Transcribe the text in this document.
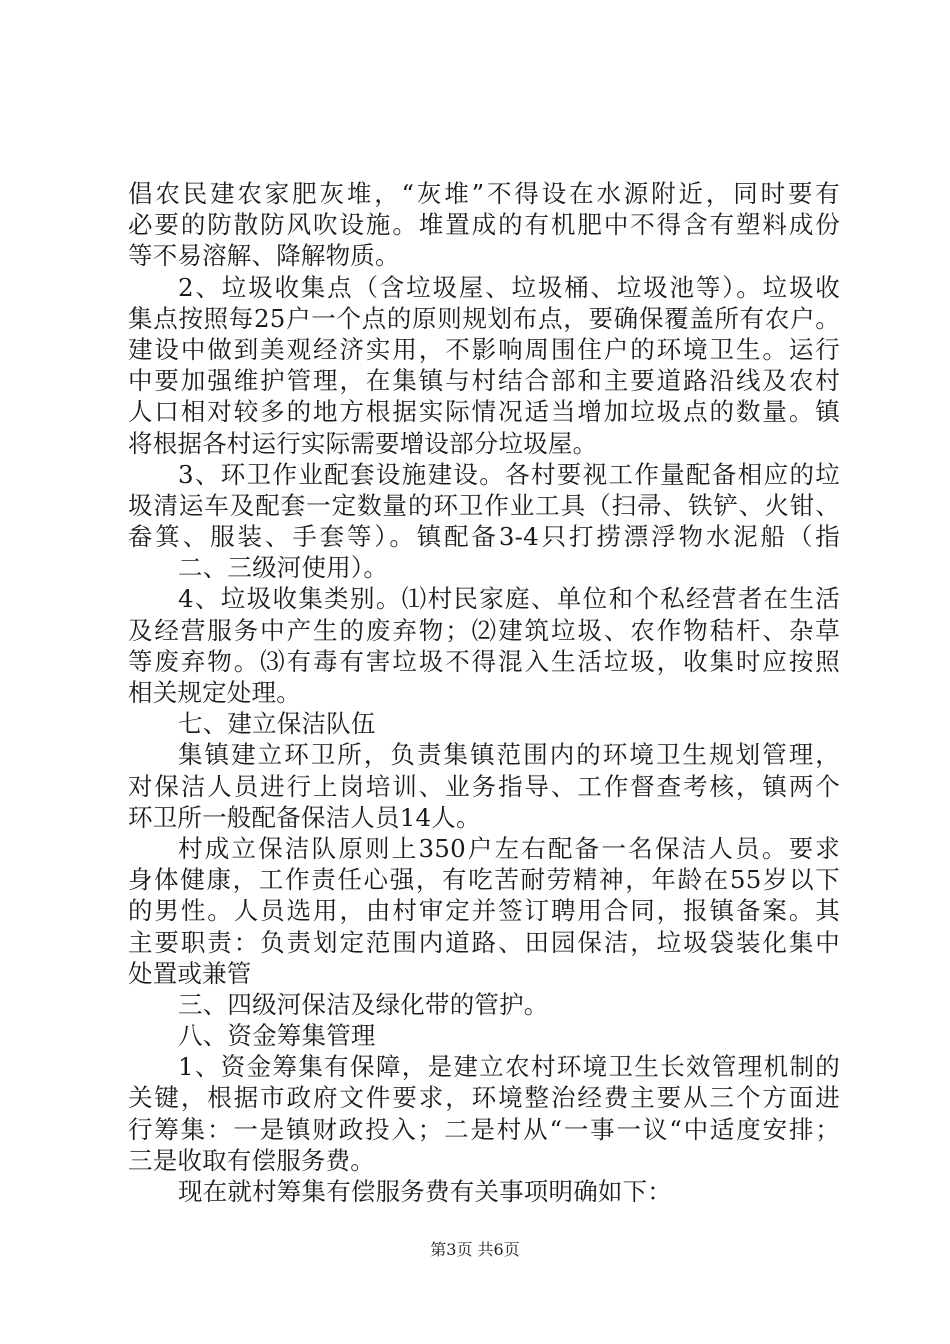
倡农民建农家肥灰堆，“灰堆”不得设在水源附近，同时要有
必要的防散防风吹设施。堆置成的有机肥中不得含有塑料成份
等不易溶解、降解物质。
2、垃圾收集点（含垃圾屋、垃圾桶、垃圾池等）。垃圾收
集点按照每25户一个点的原则规划布点，要确保覆盖所有农户。
建设中做到美观经济实用，不影响周围住户的环境卫生。运行
中要加强维护管理，在集镇与村结合部和主要道路沿线及农村
人口相对较多的地方根据实际情况适当增加垃圾点的数量。镇
将根据各村运行实际需要增设部分垃圾屋。
3、环卫作业配套设施建设。各村要视工作量配备相应的垃
圾清运车及配套一定数量的环卫作业工具（扫帚、铁铲、火钳、
畚箕、服装、手套等）。镇配备3-4只打捞漂浮物水泥船（指
二、三级河使用）。
4、垃圾收集类别。⑴村民家庭、单位和个私经营者在生活
及经营服务中产生的废弃物；⑵建筑垃圾、农作物秸杆、杂草
等废弃物。⑶有毒有害垃圾不得混入生活垃圾，收集时应按照
相关规定处理。
七、建立保洁队伍
集镇建立环卫所，负责集镇范围内的环境卫生规划管理，
对保洁人员进行上岗培训、业务指导、工作督查考核，镇两个
环卫所一般配备保洁人员14人。
村成立保洁队原则上350户左右配备一名保洁人员。要求
身体健康，工作责任心强，有吃苦耐劳精神，年龄在55岁以下
的男性。人员选用，由村审定并签订聘用合同，报镇备案。其
主要职责：负责划定范围内道路、田园保洁，垃圾袋装化集中
处置或兼管
三、四级河保洁及绿化带的管护。
八、资金筹集管理
1、资金筹集有保障，是建立农村环境卫生长效管理机制的
关键，根据市政府文件要求，环境整治经费主要从三个方面进
行筹集：一是镇财政投入；二是村从“一事一议“中适度安排；
三是收取有偿服务费。
现在就村筹集有偿服务费有关事项明确如下：
第3页 共6页
